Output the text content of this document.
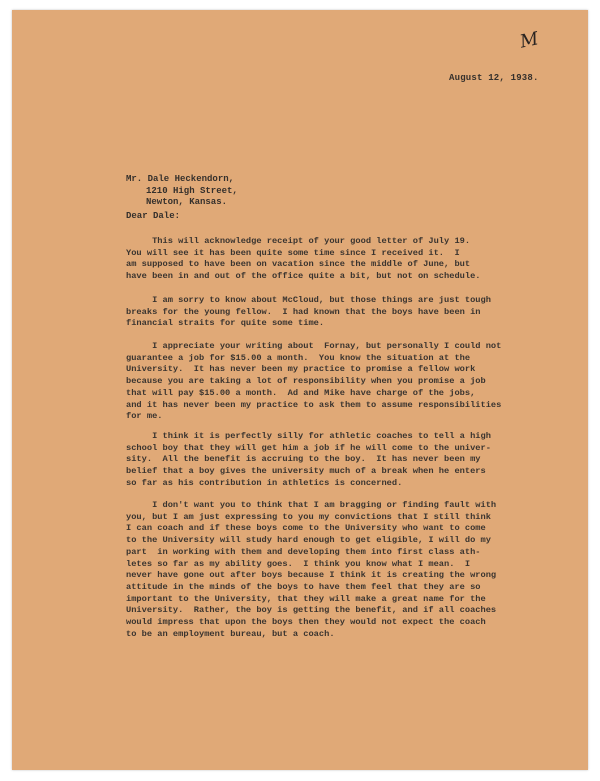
M
August 12, 1938.
Mr. Dale Heckendorn,
1210 High Street,
Newton, Kansas.
Dear Dale:
This will acknowledge receipt of your good letter of July 19.
You will see it has been quite some time since I received it.  I
am supposed to have been on vacation since the middle of June, but
have been in and out of the office quite a bit, but not on schedule.
I am sorry to know about McCloud, but those things are just tough
breaks for the young fellow.  I had known that the boys have been in
financial straits for quite some time.
I appreciate your writing about  Fornay, but personally I could not
guarantee a job for $15.00 a month.  You know the situation at the
University.  It has never been my practice to promise a fellow work
because you are taking a lot of responsibility when you promise a job
that will pay $15.00 a month.  Ad and Mike have charge of the jobs,
and it has never been my practice to ask them to assume responsibilities
for me.
I think it is perfectly silly for athletic coaches to tell a high
school boy that they will get him a job if he will come to the univer-
sity.  All the benefit is accruing to the boy.  It has never been my
belief that a boy gives the university much of a break when he enters
so far as his contribution in athletics is concerned.
I don't want you to think that I am bragging or finding fault with
you, but I am just expressing to you my convictions that I still think
I can coach and if these boys come to the University who want to come
to the University will study hard enough to get eligible, I will do my
part  in working with them and developing them into first class ath-
letes so far as my ability goes.  I think you know what I mean.  I
never have gone out after boys because I think it is creating the wrong
attitude in the minds of the boys to have them feel that they are so
important to the University, that they will make a great name for the
University.  Rather, the boy is getting the benefit, and if all coaches
would impress that upon the boys then they would not expect the coach
to be an employment bureau, but a coach.
